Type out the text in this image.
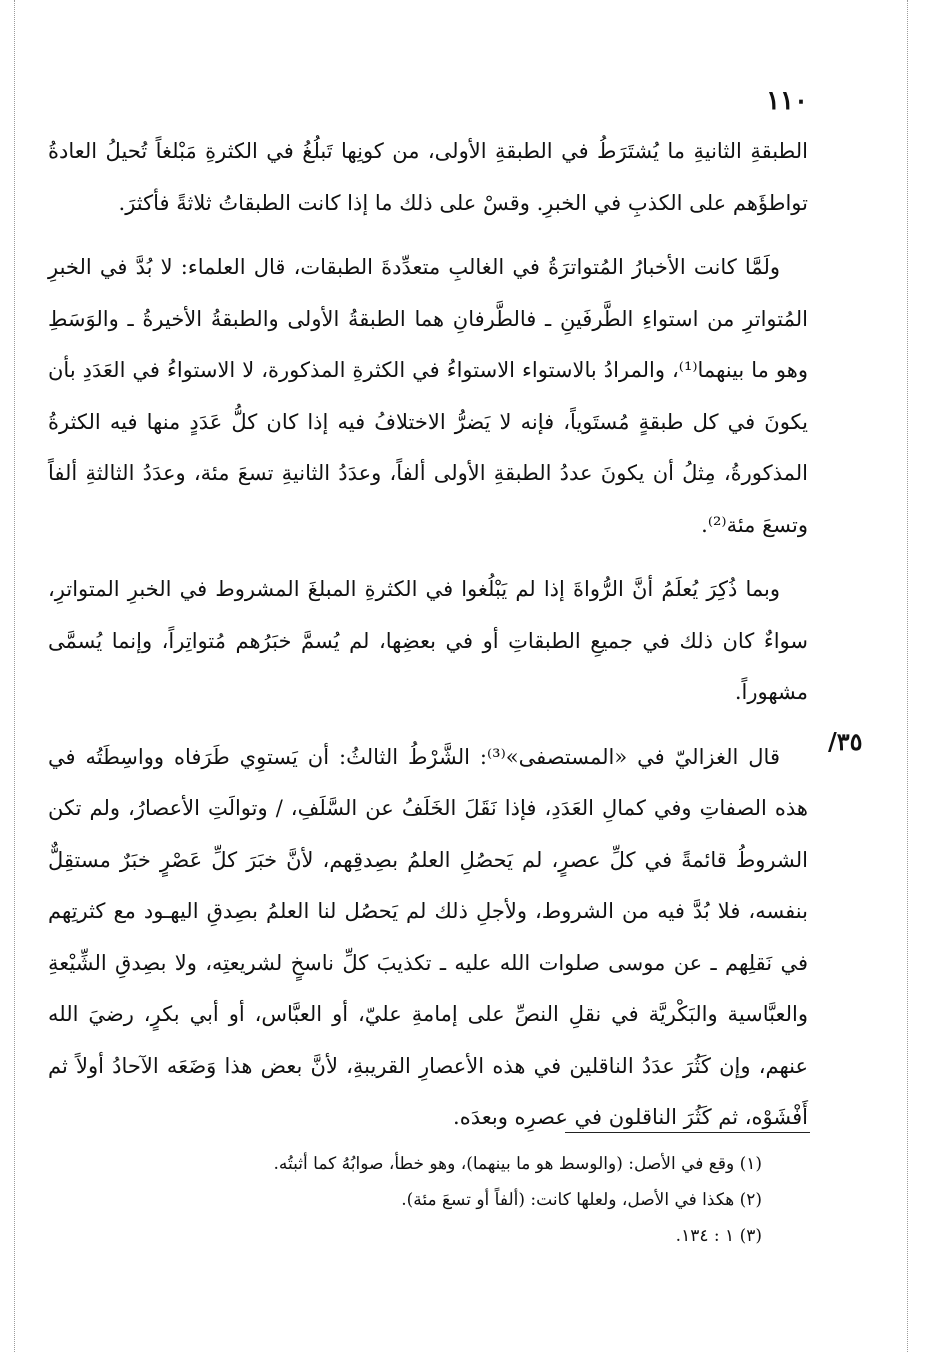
١١٠

الطبقةِ الثانيةِ ما يُشتَرَطُ في الطبقةِ الأولى، من كونِها تَبلُغُ في الكثرةِ مَبْلغاً تُحيلُ العادةُ تواطؤَهم على الكذبِ في الخبرِ. وقسْ على ذلك ما إذا كانت الطبقاتُ ثلاثةً فأكثرَ.

ولَمَّا كانت الأخبارُ المُتواترَةُ في الغالبِ متعدِّدةَ الطبقات، قال العلماء: لا بُدَّ في الخبرِ المُتواترِ من استواءِ الطَّرفَينِ ـ فالطَّرفانِ هما الطبقةُ الأولى والطبقةُ الأخيرةُ ـ والوَسَطِ وهو ما بينهما⁽¹⁾، والمرادُ بالاستواء الاستواءُ في الكثرةِ المذكورة، لا الاستواءُ في العَدَدِ بأن يكونَ في كل طبقةٍ مُستَوياً، فإنه لا يَضرُّ الاختلافُ فيه إذا كان كلُّ عَدَدٍ منها فيه الكثرةُ المذكورةُ، مِثلُ أن يكونَ عددُ الطبقةِ الأولى ألفاً، وعدَدُ الثانيةِ تسعَ مئة، وعدَدُ الثالثةِ ألفاً وتسعَ مئة⁽²⁾.

وبما ذُكِرَ يُعلَمُ أنَّ الرُّواةَ إذا لم يَبْلُغوا في الكثرةِ المبلغَ المشروط في الخبرِ المتواترِ، سواءٌ كان ذلك في جميعِ الطبقاتِ أو في بعضِها، لم يُسمَّ خبَرُهم مُتواتِراً، وإنما يُسمَّى مشهوراً.

قال الغزاليّ في «المستصفى»⁽³⁾: الشَّرْطُ الثالثُ: أن يَستوِي طَرَفاه وواسِطَتُه في هذه الصفاتِ وفي كمالِ العَدَدِ، فإذا نَقَلَ الخَلَفُ عن السَّلَفِ، / وتوالَتِ الأعصارُ، ولم تكن الشروطُ قائمةً في كلِّ عصرٍ، لم يَحصُلِ العلمُ بصِدقِهم، لأنَّ خبَرَ كلِّ عَصْرٍ خبَرٌ مستقِلٌّ بنفسه، فلا بُدَّ فيه من الشروط، ولأجلِ ذلك لم يَحصُل لنا العلمُ بصِدقِ اليهـود مع كثرتِهم في نَقلِهم ـ عن موسى صلوات الله عليه ـ تكذيبَ كلِّ ناسخٍ لشريعتِه، ولا بصِدقِ الشِّيْعةِ والعبَّاسية والبَكْريَّة في نقلِ النصِّ على إمامةِ عليّ، أو العبَّاس، أو أبي بكرٍ، رضيَ الله عنهم، وإن كَثُرَ عدَدُ الناقلين في هذه الأعصارِ القريبةِ، لأنَّ بعض هذا وَضَعَه الآحادُ أولاً ثم أَفْشَوْه، ثم كَثُرَ الناقلون في عصرِه وبعدَه.

٣٥/

(١) وقع في الأصل: (والوسط هو ما بينهما)، وهو خطأ، صوابُهُ كما أثبتُه.

(٢) هكذا في الأصل، ولعلها كانت: (ألفاً أو تسعَ مئة).

(٣) ١ : ١٣٤.
